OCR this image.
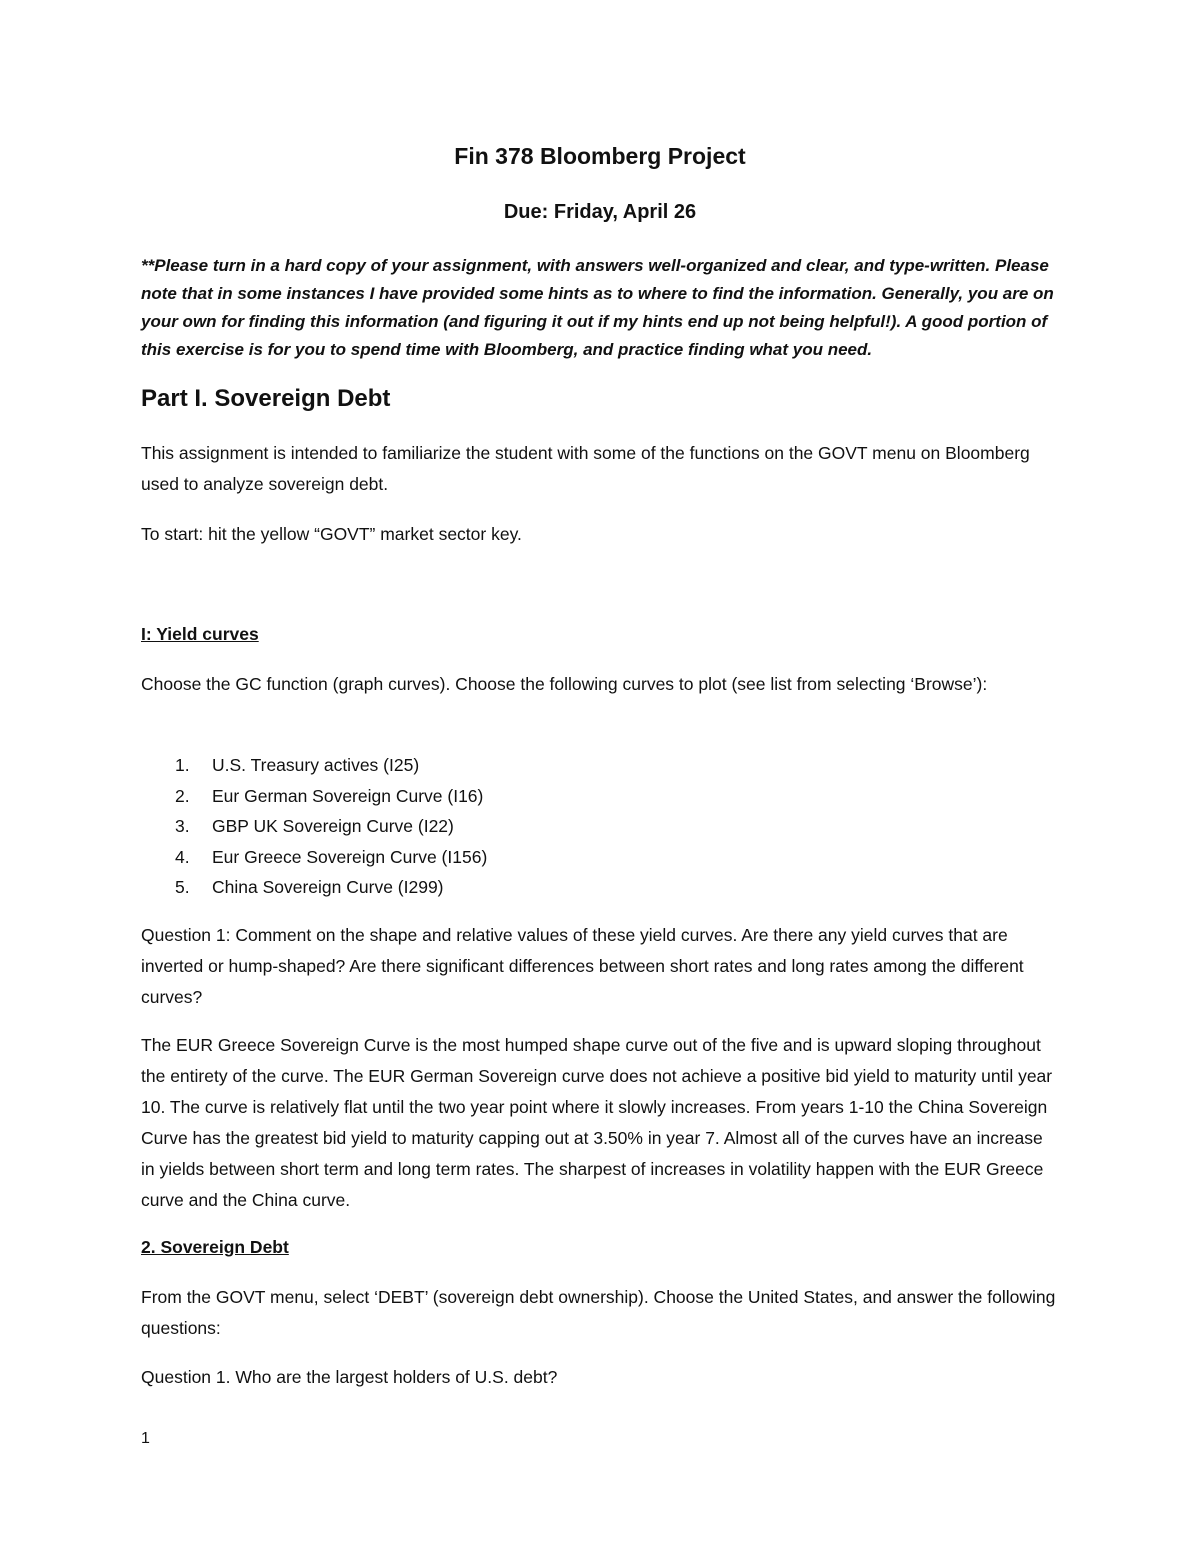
Fin 378 Bloomberg Project

Due: Friday, April 26

**Please turn in a hard copy of your assignment, with answers well-organized and clear, and type-written. Please note that in some instances I have provided some hints as to where to find the information. Generally, you are on your own for finding this information (and figuring it out if my hints end up not being helpful!). A good portion of this exercise is for you to spend time with Bloomberg, and practice finding what you need.

Part I. Sovereign Debt

This assignment is intended to familiarize the student with some of the functions on the GOVT menu on Bloomberg used to analyze sovereign debt.

To start: hit the yellow “GOVT” market sector key.

I: Yield curves

Choose the GC function (graph curves). Choose the following curves to plot (see list from selecting ‘Browse’):

1. U.S. Treasury actives (I25)
2. Eur German Sovereign Curve (I16)
3. GBP UK Sovereign Curve (I22)
4. Eur Greece Sovereign Curve (I156)
5. China Sovereign Curve (I299)

Question 1: Comment on the shape and relative values of these yield curves. Are there any yield curves that are inverted or hump-shaped? Are there significant differences between short rates and long rates among the different curves?

The EUR Greece Sovereign Curve is the most humped shape curve out of the five and is upward sloping throughout the entirety of the curve. The EUR German Sovereign curve does not achieve a positive bid yield to maturity until year 10. The curve is relatively flat until the two year point where it slowly increases. From years 1-10 the China Sovereign Curve has the greatest bid yield to maturity capping out at 3.50% in year 7. Almost all of the curves have an increase in yields between short term and long term rates. The sharpest of increases in volatility happen with the EUR Greece curve and the China curve.

2. Sovereign Debt

From the GOVT menu, select ‘DEBT’ (sovereign debt ownership). Choose the United States, and answer the following questions:

Question 1. Who are the largest holders of U.S. debt?

1
